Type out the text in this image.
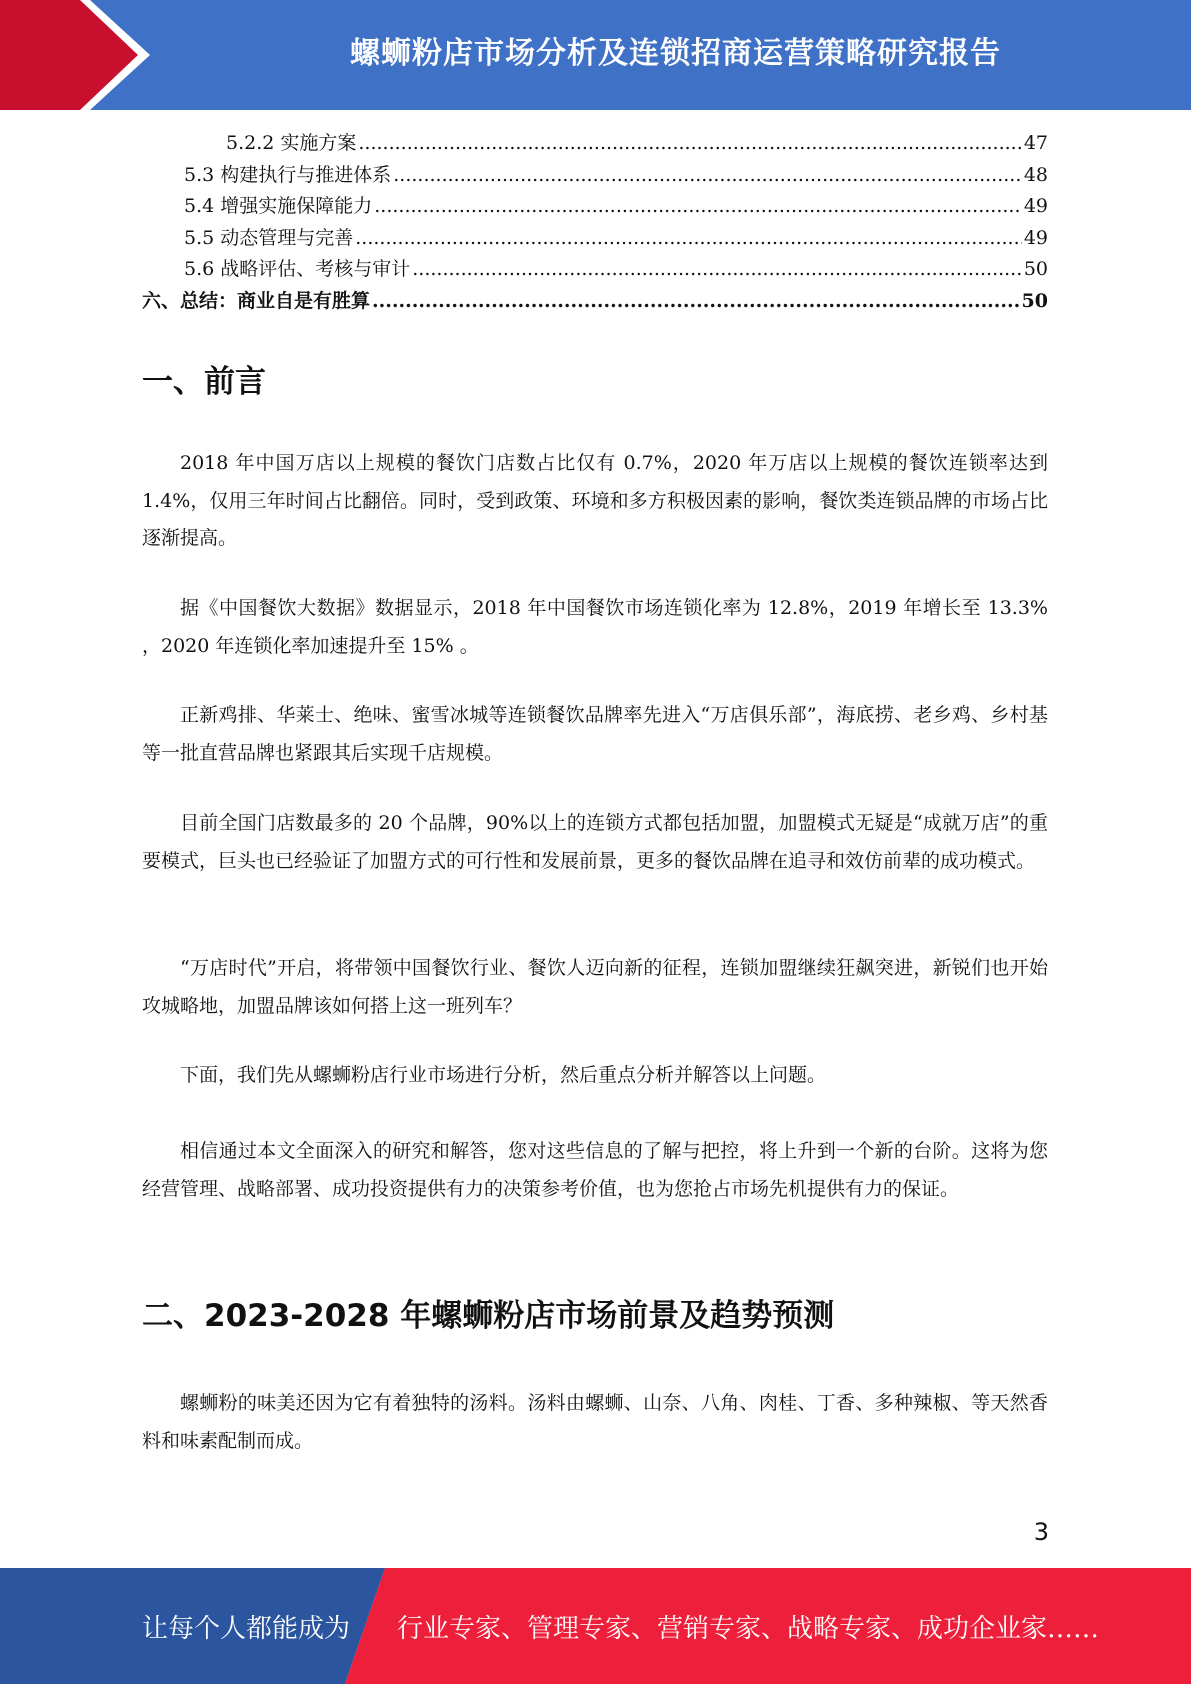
螺蛳粉店市场分析及连锁招商运营策略研究报告
5.2.2 实施方案 .....	47
5.3 构建执行与推进体系 .....	48
5.4 增强实施保障能力 .....	49
5.5 动态管理与完善 .....	49
5.6 战略评估、考核与审计 .....	50
六、总结：商业自是有胜算 .....	50
一、前言

2018 年中国万店以上规模的餐饮门店数占比仅有 0.7%，2020 年万店以上规模的餐饮连锁率达到 1.4%，仅用三年时间占比翻倍。同时，受到政策、环境和多方积极因素的影响，餐饮类连锁品牌的市场占比逐渐提高。

据《中国餐饮大数据》数据显示，2018 年中国餐饮市场连锁化率为 12.8%，2019 年增长至 13.3% ，2020 年连锁化率加速提升至 15% 。

正新鸡排、华莱士、绝味、蜜雪冰城等连锁餐饮品牌率先进入“万店俱乐部”，海底捞、老乡鸡、乡村基等一批直营品牌也紧跟其后实现千店规模。

目前全国门店数最多的 20 个品牌，90%以上的连锁方式都包括加盟，加盟模式无疑是“成就万店”的重要模式，巨头也已经验证了加盟方式的可行性和发展前景，更多的餐饮品牌在追寻和效仿前辈的成功模式。

“万店时代”开启，将带领中国餐饮行业、餐饮人迈向新的征程，连锁加盟继续狂飙突进，新锐们也开始攻城略地，加盟品牌该如何搭上这一班列车？

下面，我们先从螺蛳粉店行业市场进行分析，然后重点分析并解答以上问题。

相信通过本文全面深入的研究和解答，您对这些信息的了解与把控，将上升到一个新的台阶。这将为您经营管理、战略部署、成功投资提供有力的决策参考价值，也为您抢占市场先机提供有力的保证。

二、2023-2028 年螺蛳粉店市场前景及趋势预测

螺蛳粉的味美还因为它有着独特的汤料。汤料由螺蛳、山奈、八角、肉桂、丁香、多种辣椒、等天然香料和味素配制而成。

3
让每个人都能成为 行业专家、管理专家、营销专家、战略专家、成功企业家……
